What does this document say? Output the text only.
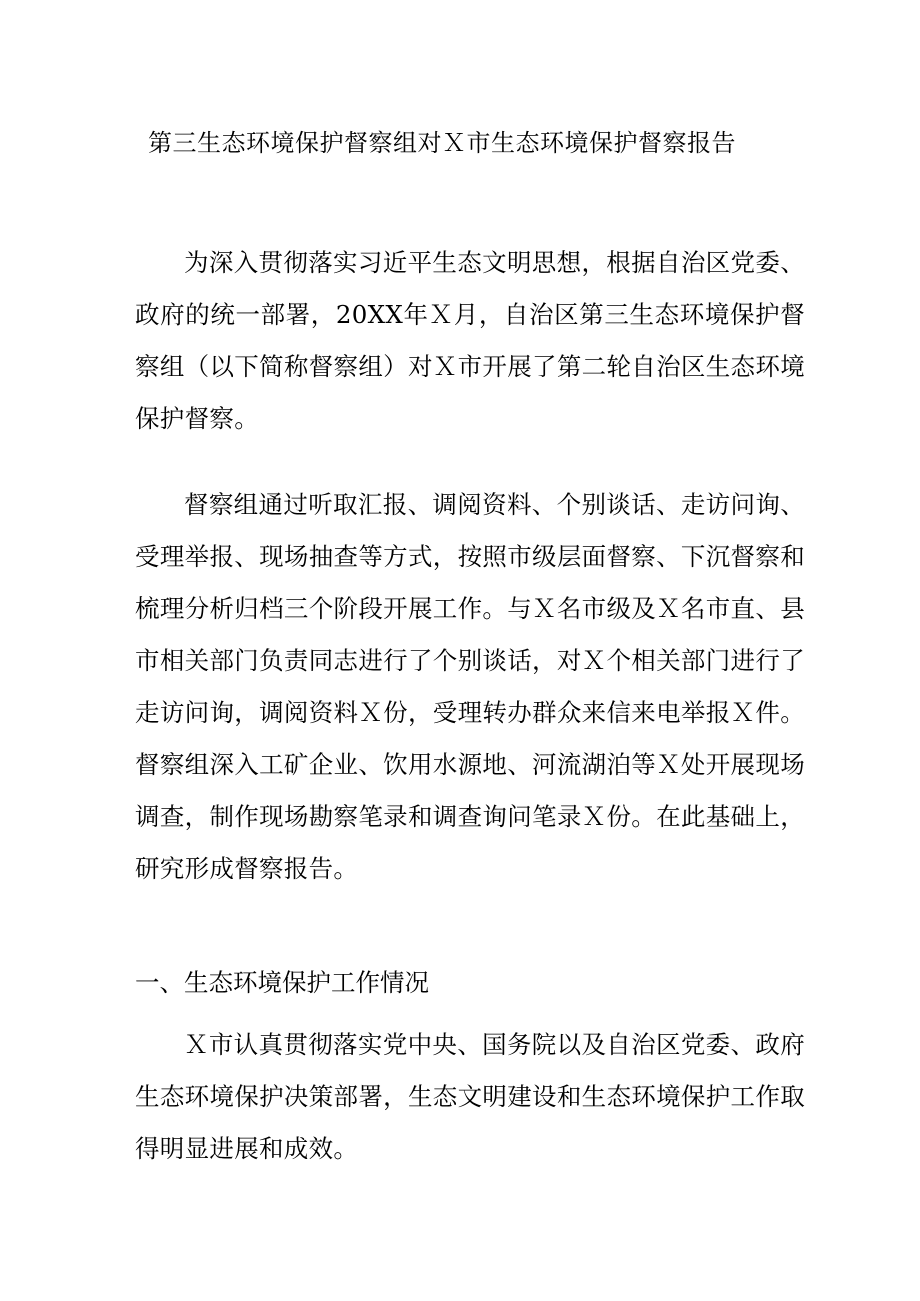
第三生态环境保护督察组对Ｘ市生态环境保护督察报告

为深入贯彻落实习近平生态文明思想，根据自治区党委、政府的统一部署，20XX年Ｘ月，自治区第三生态环境保护督察组（以下简称督察组）对Ｘ市开展了第二轮自治区生态环境保护督察。

督察组通过听取汇报、调阅资料、个别谈话、走访问询、受理举报、现场抽查等方式，按照市级层面督察、下沉督察和梳理分析归档三个阶段开展工作。与Ｘ名市级及Ｘ名市直、县市相关部门负责同志进行了个别谈话，对Ｘ个相关部门进行了走访问询，调阅资料Ｘ份，受理转办群众来信来电举报Ｘ件。督察组深入工矿企业、饮用水源地、河流湖泊等Ｘ处开展现场调查，制作现场勘察笔录和调查询问笔录Ｘ份。在此基础上，研究形成督察报告。

一、生态环境保护工作情况

Ｘ市认真贯彻落实党中央、国务院以及自治区党委、政府生态环境保护决策部署，生态文明建设和生态环境保护工作取得明显进展和成效。
